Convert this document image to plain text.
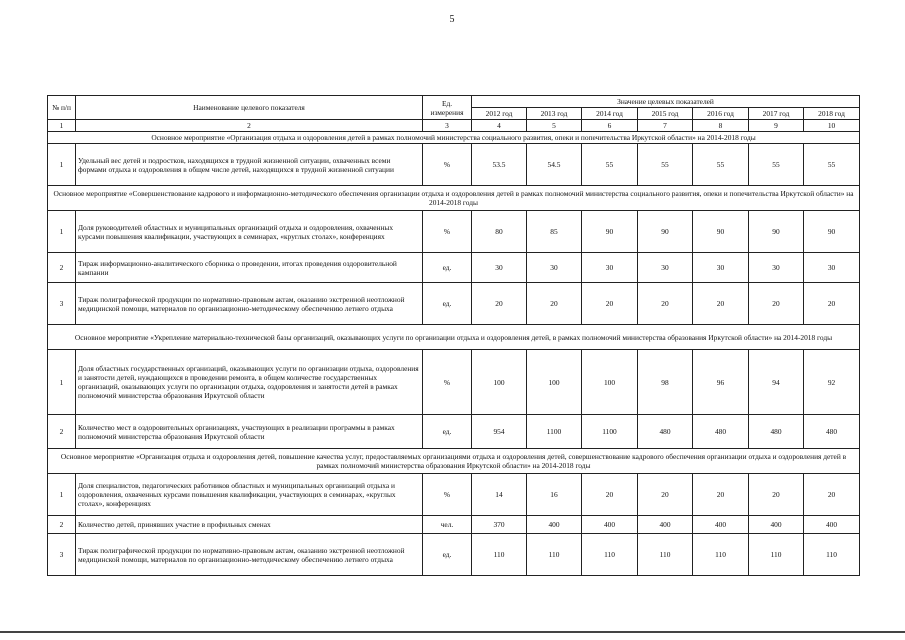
5
№ п/п	Наименование целевого показателя	Ед. измерения	Значение целевых показателей						
			2012 год	2013 год	2014 год	2015 год	2016 год	2017 год	2018 год
1	2	3	4	5	6	7	8	9	10
Основное мероприятие «Организация отдыха и оздоровления детей в рамках полномочий министерства социального развития, опеки и попечительства Иркутской области» на 2014-2018 годы									
1	Удельный вес детей и подростков, находящихся в трудной жизненной ситуации, охваченных всеми формами отдыха и оздоровления в общем числе детей, находящихся в трудной жизненной ситуации	%	53.5	54.5	55	55	55	55	55
Основное мероприятие «Совершенствование кадрового и информационно-методического обеспечения организации отдыха и оздоровления детей в рамках полномочий министерства социального развития, опеки и попечительства Иркутской области» на 2014-2018 годы									
1	Доля руководителей областных и муниципальных организаций отдыха и оздоровления, охваченных курсами повышения квалификации, участвующих в семинарах, «круглых столах», конференциях	%	80	85	90	90	90	90	90
2	Тираж информационно-аналитического сборника о проведении, итогах проведения оздоровительной кампании	ед.	30	30	30	30	30	30	30
3	Тираж полиграфической продукции по нормативно-правовым актам, оказанию экстренной неотложной медицинской помощи, материалов по организационно-методическому обеспечению летнего отдыха	ед.	20	20	20	20	20	20	20
Основное мероприятие «Укрепление материально-технической базы организаций, оказывающих услуги по организации отдыха и оздоровления детей, в рамках полномочий министерства образования Иркутской области» на 2014-2018 годы									
1	Доля областных государственных организаций, оказывающих услуги по организации отдыха, оздоровления и занятости детей, нуждающихся в проведении ремонта, в общем количестве государственных организаций, оказывающих услуги по организации отдыха, оздоровления и занятости детей в рамках полномочий министерства образования Иркутской области	%	100	100	100	98	96	94	92
2	Количество мест в оздоровительных организациях, участвующих в реализации программы в рамках полномочий министерства образования Иркутской области	ед.	954	1100	1100	480	480	480	480
Основное мероприятие «Организация отдыха и оздоровления детей, повышение качества услуг, предоставляемых организациями отдыха и оздоровления детей, совершенствование кадрового обеспечения организации отдыха и оздоровления детей в рамках полномочий министерства образования Иркутской области» на 2014-2018 годы									
1	Доля специалистов, педагогических работников областных и муниципальных организаций отдыха и оздоровления, охваченных курсами повышения квалификации, участвующих в семинарах, «круглых столах», конференциях	%	14	16	20	20	20	20	20
2	Количество детей, принявших участие в профильных сменах	чел.	370	400	400	400	400	400	400
3	Тираж полиграфической продукции по нормативно-правовым актам, оказанию экстренной неотложной медицинской помощи, материалов по организационно-методическому обеспечению летнего отдыха	ед.	110	110	110	110	110	110	110
